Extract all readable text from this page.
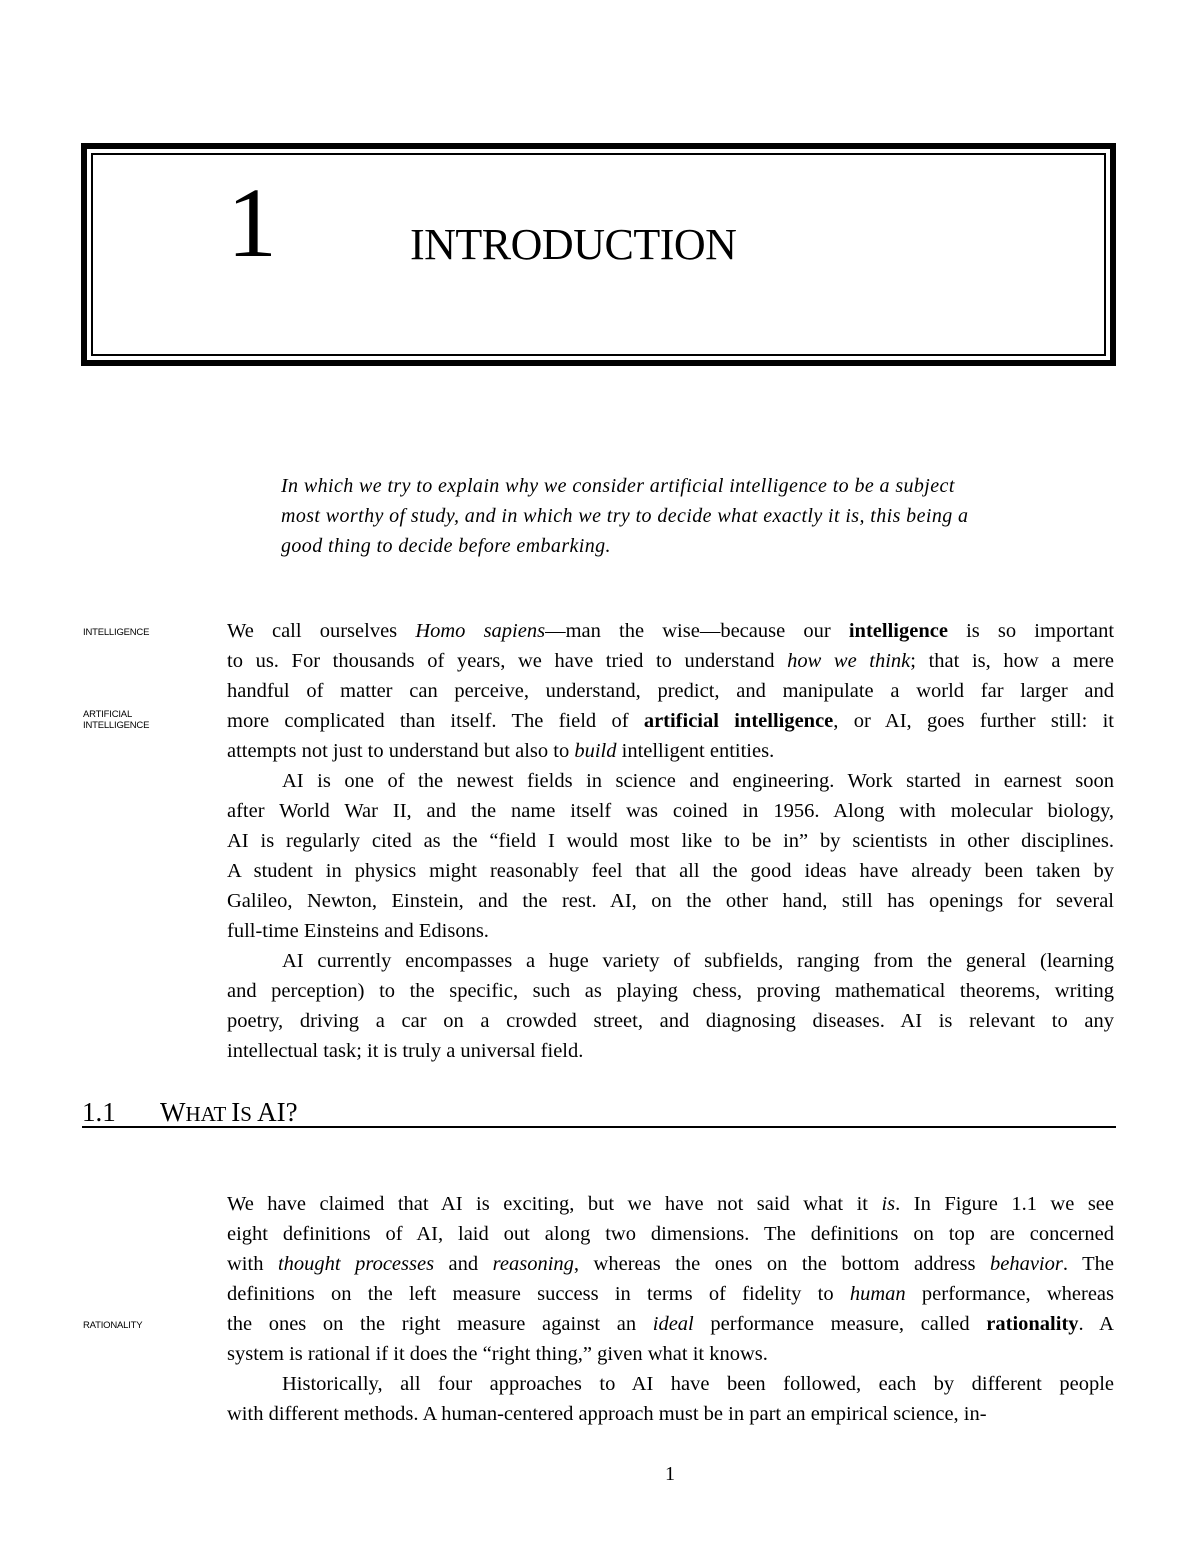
1	INTRODUCTION

In which we try to explain why we consider artificial intelligence to be a subject

most worthy of study, and in which we try to decide what exactly it is, this being a

good thing to decide before embarking.

INTELLIGENCE
ARTIFICIAL
INTELLIGENCE
RATIONALITY
We call ourselves Homo sapiens—man the wise—because our intelligence is so important
to us. For thousands of years, we have tried to understand how we think; that is, how a mere
handful of matter can perceive, understand, predict, and manipulate a world far larger and
more complicated than itself. The field of artificial intelligence, or AI, goes further still: it
attempts not just to understand but also to build intelligent entities.
AI is one of the newest fields in science and engineering. Work started in earnest soon
after World War II, and the name itself was coined in 1956. Along with molecular biology,
AI is regularly cited as the “field I would most like to be in” by scientists in other disciplines.
A student in physics might reasonably feel that all the good ideas have already been taken by
Galileo, Newton, Einstein, and the rest. AI, on the other hand, still has openings for several
full-time Einsteins and Edisons.
AI currently encompasses a huge variety of subfields, ranging from the general (learning
and perception) to the specific, such as playing chess, proving mathematical theorems, writing
poetry, driving a car on a crowded street, and diagnosing diseases. AI is relevant to any
intellectual task; it is truly a universal field.
1.1 WHAT IS AI?
We have claimed that AI is exciting, but we have not said what it is. In Figure 1.1 we see
eight definitions of AI, laid out along two dimensions. The definitions on top are concerned
with thought processes and reasoning, whereas the ones on the bottom address behavior. The
definitions on the left measure success in terms of fidelity to human performance, whereas
the ones on the right measure against an ideal performance measure, called rationality. A
system is rational if it does the “right thing,” given what it knows.
Historically, all four approaches to AI have been followed, each by different people
with different methods. A human-centered approach must be in part an empirical science, in-
1
